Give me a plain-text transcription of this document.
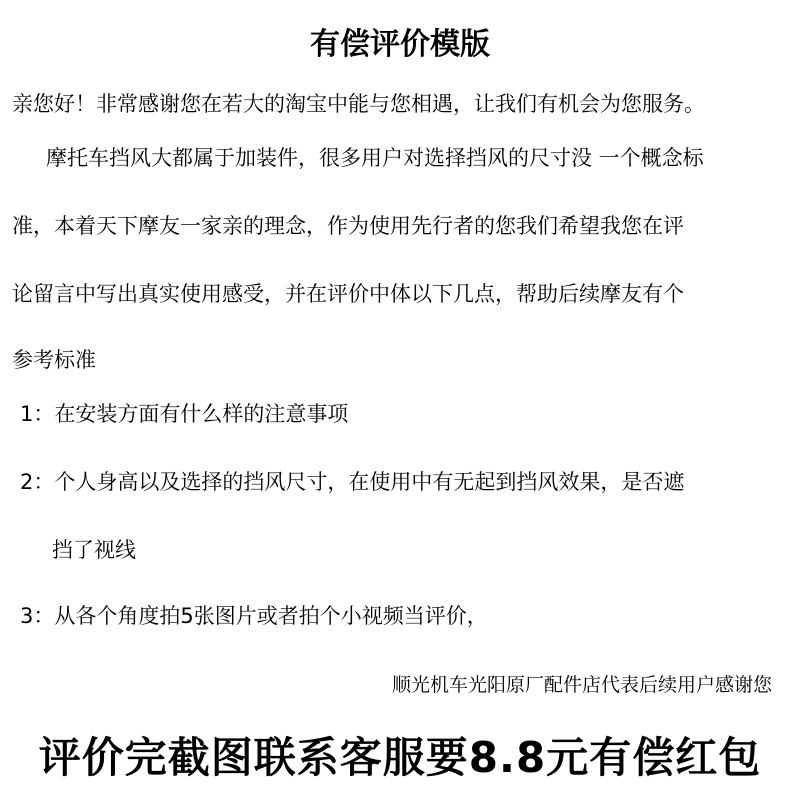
有偿评价模版
亲您好！非常感谢您在若大的淘宝中能与您相遇，让我们有机会为您服务。
摩托车挡风大都属于加装件，很多用户对选择挡风的尺寸没 一个概念标
准，本着天下摩友一家亲的理念，作为使用先行者的您我们希望我您在评
论留言中写出真实使用感受，并在评价中体以下几点，帮助后续摩友有个
参考标准
1：在安装方面有什么样的注意事项
2：个人身高以及选择的挡风尺寸，在使用中有无起到挡风效果，是否遮
挡了视线
3：从各个角度拍5张图片或者拍个小视频当评价，
顺光机车光阳原厂配件店代表后续用户感谢您
评价完截图联系客服要8.8元有偿红包
